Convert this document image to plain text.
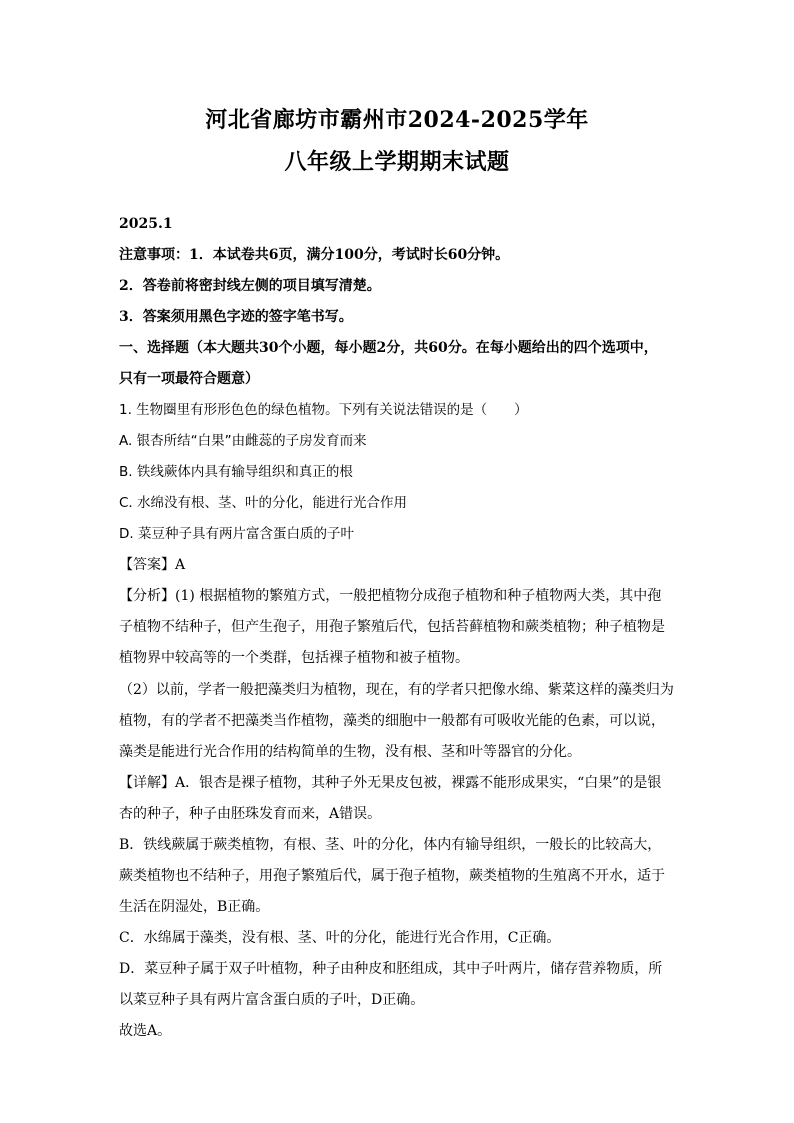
河北省廊坊市霸州市2024-2025学年
八年级上学期期末试题
2025.1
注意事项：1．本试卷共6页，满分100分，考试时长60分钟。
2．答卷前将密封线左侧的项目填写清楚。
3．答案须用黑色字迹的签字笔书写。
一、选择题（本大题共30个小题，每小题2分，共60分。在每小题给出的四个选项中，
只有一项最符合题意）
1. 生物圈里有形形色色的绿色植物。下列有关说法错误的是（　　）
A. 银杏所结“白果”由雌蕊的子房发育而来
B. 铁线蕨体内具有输导组织和真正的根
C. 水绵没有根、茎、叶的分化，能进行光合作用
D. 菜豆种子具有两片富含蛋白质的子叶
【答案】A
【分析】(1) 根据植物的繁殖方式，一般把植物分成孢子植物和种子植物两大类，其中孢
子植物不结种子，但产生孢子，用孢子繁殖后代，包括苔藓植物和蕨类植物；种子植物是
植物界中较高等的一个类群，包括裸子植物和被子植物。
（2）以前，学者一般把藻类归为植物，现在，有的学者只把像水绵、紫菜这样的藻类归为
植物，有的学者不把藻类当作植物，藻类的细胞中一般都有可吸收光能的色素，可以说，
藻类是能进行光合作用的结构简单的生物，没有根、茎和叶等器官的分化。
【详解】A．银杏是裸子植物，其种子外无果皮包被，裸露不能形成果实，“白果”的是银
杏的种子，种子由胚珠发育而来，A错误。
B．铁线蕨属于蕨类植物，有根、茎、叶的分化，体内有输导组织，一般长的比较高大，
蕨类植物也不结种子，用孢子繁殖后代，属于孢子植物，蕨类植物的生殖离不开水，适于
生活在阴湿处，B正确。
C．水绵属于藻类，没有根、茎、叶的分化，能进行光合作用，C正确。
D．菜豆种子属于双子叶植物，种子由种皮和胚组成，其中子叶两片，储存营养物质，所
以菜豆种子具有两片富含蛋白质的子叶，D正确。
故选A。
